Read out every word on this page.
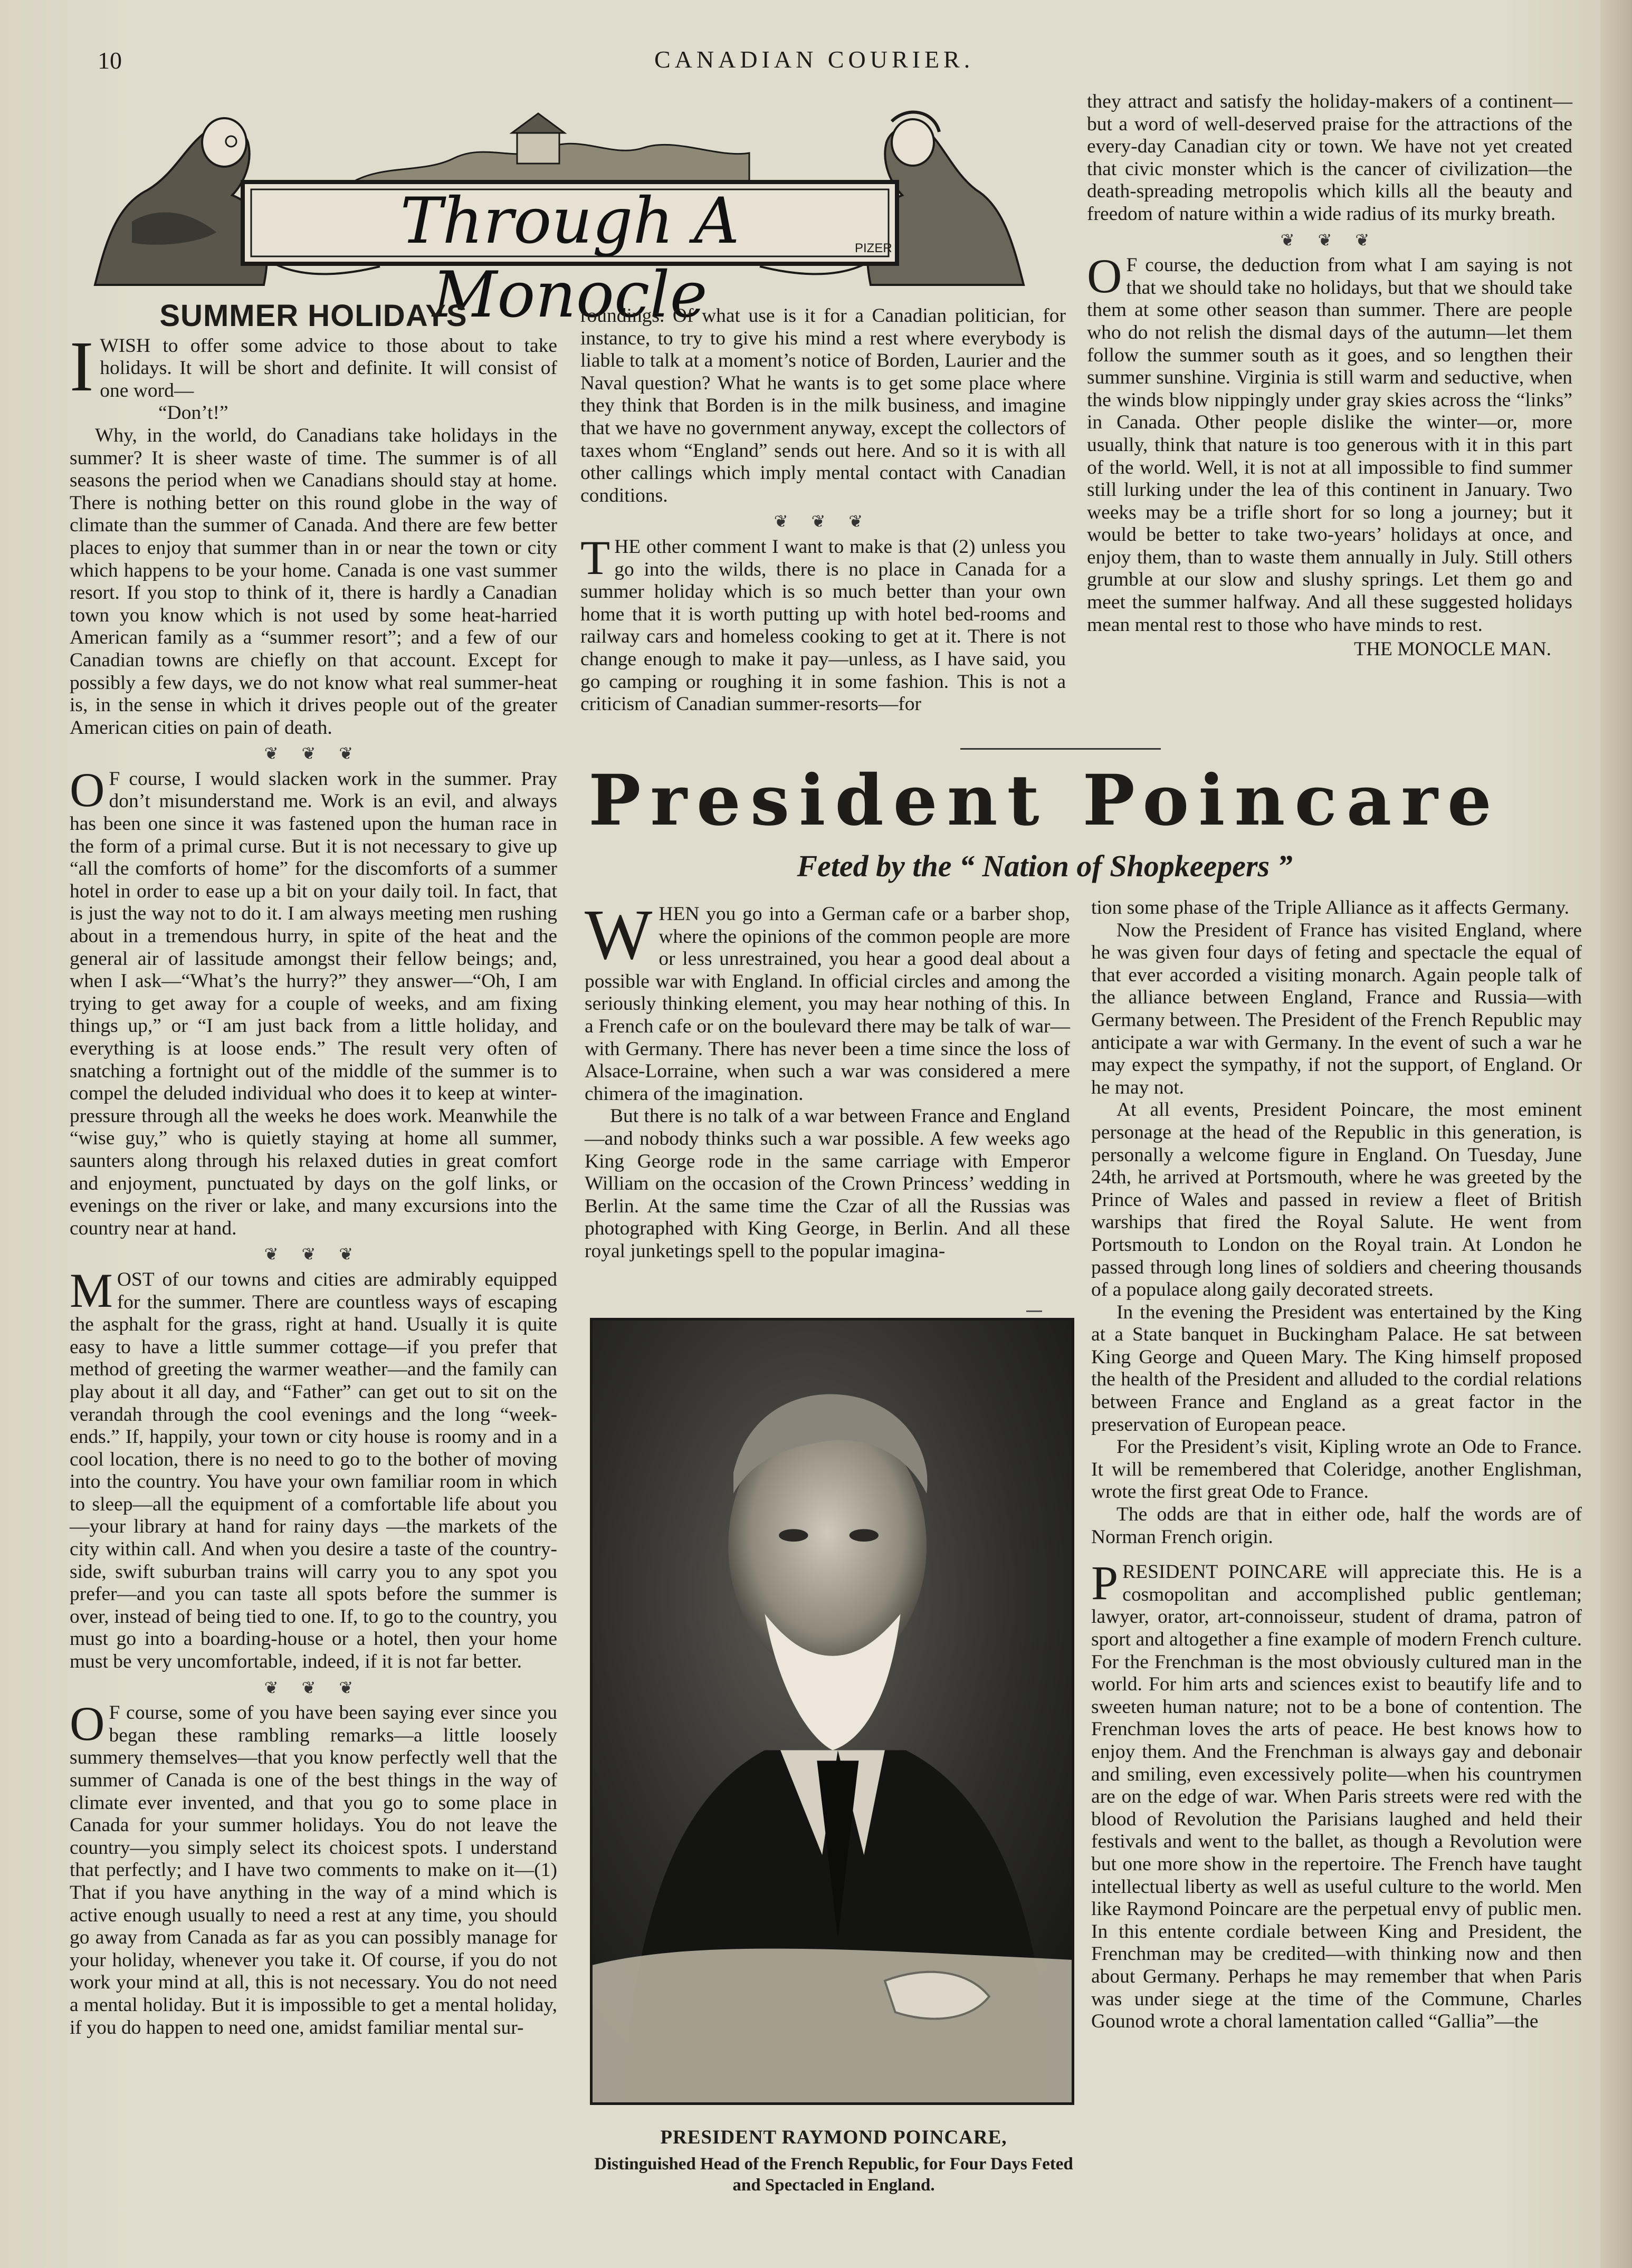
10	CANADIAN COURIER.
PIZER
Through A Monocle
SUMMER HOLIDAYS

IWISH to offer some advice to those about to take holidays. It will be short and definite. It will consist of one word—

“Don’t!”

Why, in the world, do Canadians take holidays in the summer? It is sheer waste of time. The summer is of all seasons the period when we Canadians should stay at home. There is nothing better on this round globe in the way of climate than the summer of Canada. And there are few better places to enjoy that summer than in or near the town or city which happens to be your home. Canada is one vast summer resort. If you stop to think of it, there is hardly a Canadian town you know which is not used by some heat-harried American family as a “summer resort”; and a few of our Canadian towns are chiefly on that account. Except for possibly a few days, we do not know what real summer-heat is, in the sense in which it drives people out of the greater American cities on pain of death.

❦ ❦ ❦

O F course, I would slacken work in the summer. Pray don’t misunderstand me. Work is an evil, and always has been one since it was fastened upon the human race in the form of a primal curse. But it is not necessary to give up “all the comforts of home” for the discomforts of a summer hotel in order to ease up a bit on your daily toil. In fact, that is just the way not to do it. I am always meeting men rushing about in a tremendous hurry, in spite of the heat and the general air of lassitude amongst their fellow beings; and, when I ask—“What’s the hurry?” they answer—“Oh, I am trying to get away for a couple of weeks, and am fixing things up,” or “I am just back from a little holiday, and everything is at loose ends.” The result very often of snatching a fortnight out of the middle of the summer is to compel the deluded individual who does it to keep at winter-pressure through all the weeks he does work. Meanwhile the “wise guy,” who is quietly staying at home all summer, saunters along through his relaxed duties in great comfort and enjoyment, punctuated by days on the golf links, or evenings on the river or lake, and many excursions into the country near at hand.

❦ ❦ ❦

MOST of our towns and cities are admirably equipped for the summer. There are countless ways of escaping the asphalt for the grass, right at hand. Usually it is quite easy to have a little summer cottage—if you prefer that method of greeting the warmer weather—and the family can play about it all day, and “Father” can get out to sit on the verandah through the cool evenings and the long “week-ends.” If, happily, your town or city house is roomy and in a cool location, there is no need to go to the bother of moving into the country. You have your own familiar room in which to sleep—all the equipment of a comfortable life about you—your library at hand for rainy days —the markets of the city within call. And when you desire a taste of the country-side, swift suburban trains will carry you to any spot you prefer—and you can taste all spots before the summer is over, instead of being tied to one. If, to go to the country, you must go into a boarding-house or a hotel, then your home must be very uncomfortable, indeed, if it is not far better.

❦ ❦ ❦

O F course, some of you have been saying ever since you began these rambling remarks—a little loosely summery themselves—that you know perfectly well that the summer of Canada is one of the best things in the way of climate ever invented, and that you go to some place in Canada for your summer holidays. You do not leave the country—you simply select its choicest spots. I understand that perfectly; and I have two comments to make on it—(1) That if you have anything in the way of a mind which is active enough usually to need a rest at any time, you should go away from Canada as far as you can possibly manage for your holiday, whenever you take it. Of course, if you do not work your mind at all, this is not necessary. You do not need a mental holiday. But it is impossible to get a mental holiday, if you do happen to need one, amidst familiar mental sur-

roundings. Of what use is it for a Canadian politician, for instance, to try to give his mind a rest where everybody is liable to talk at a moment’s notice of Borden, Laurier and the Naval question? What he wants is to get some place where they think that Borden is in the milk business, and imagine that we have no government anyway, except the collectors of taxes whom “England” sends out here. And so it is with all other callings which imply mental contact with Canadian conditions.

❦ ❦ ❦

THE other comment I want to make is that (2) unless you go into the wilds, there is no place in Canada for a summer holiday which is so much better than your own home that it is worth putting up with hotel bed-rooms and railway cars and homeless cooking to get at it. There is not change enough to make it pay—unless, as I have said, you go camping or roughing it in some fashion. This is not a criticism of Canadian summer-resorts—for

they attract and satisfy the holiday-makers of a continent—but a word of well-deserved praise for the attractions of the every-day Canadian city or town. We have not yet created that civic monster which is the cancer of civilization—the death-spreading metropolis which kills all the beauty and freedom of nature within a wide radius of its murky breath.

❦ ❦ ❦

O F course, the deduction from what I am saying is not that we should take no holidays, but that we should take them at some other season than summer. There are people who do not relish the dismal days of the autumn—let them follow the summer south as it goes, and so lengthen their summer sunshine. Virginia is still warm and seductive, when the winds blow nippingly under gray skies across the “links” in Canada. Other people dislike the winter—or, more usually, think that nature is too generous with it in this part of the world. Well, it is not at all impossible to find summer still lurking under the lea of this continent in January. Two weeks may be a trifle short for so long a journey; but it would be better to take two-years’ holidays at once, and enjoy them, than to waste them annually in July. Still others grumble at our slow and slushy springs. Let them go and meet the summer halfway. And all these suggested holidays mean mental rest to those who have minds to rest.

THE MONOCLE MAN.

President Poincare
Feted by the “ Nation of Shopkeepers ”

WHEN you go into a German cafe or a barber shop, where the opinions of the common people are more or less unrestrained, you hear a good deal about a possible war with England. In official circles and among the seriously thinking element, you may hear nothing of this. In a French cafe or on the boulevard there may be talk of war—with Germany. There has never been a time since the loss of Alsace-Lorraine, when such a war was considered a mere chimera of the imagination.

But there is no talk of a war between France and England—and nobody thinks such a war possible. A few weeks ago King George rode in the same carriage with Emperor William on the occasion of the Crown Princess’ wedding in Berlin. At the same time the Czar of all the Russias was photographed with King George, in Berlin. And all these royal junketings spell to the popular imagina-

PRESIDENT RAYMOND POINCARE,
Distinguished Head of the French Republic, for Four Days Feted and Spectacled in England.

tion some phase of the Triple Alliance as it affects Germany.

Now the President of France has visited England, where he was given four days of feting and spectacle the equal of that ever accorded a visiting monarch. Again people talk of the alliance between England, France and Russia—with Germany between. The President of the French Republic may anticipate a war with Germany. In the event of such a war he may expect the sympathy, if not the support, of England. Or he may not.

At all events, President Poincare, the most eminent personage at the head of the Republic in this generation, is personally a welcome figure in England. On Tuesday, June 24th, he arrived at Portsmouth, where he was greeted by the Prince of Wales and passed in review a fleet of British warships that fired the Royal Salute. He went from Portsmouth to London on the Royal train. At London he passed through long lines of soldiers and cheering thousands of a populace along gaily decorated streets.

In the evening the President was entertained by the King at a State banquet in Buckingham Palace. He sat between King George and Queen Mary. The King himself proposed the health of the President and alluded to the cordial relations between France and England as a great factor in the preservation of European peace.

For the President’s visit, Kipling wrote an Ode to France. It will be remembered that Coleridge, another Englishman, wrote the first great Ode to France.

The odds are that in either ode, half the words are of Norman French origin.

PRESIDENT POINCARE will appreciate this. He is a cosmopolitan and accomplished public gentleman; lawyer, orator, art-connoisseur, student of drama, patron of sport and altogether a fine example of modern French culture. For the Frenchman is the most obviously cultured man in the world. For him arts and sciences exist to beautify life and to sweeten human nature; not to be a bone of contention. The Frenchman loves the arts of peace. He best knows how to enjoy them. And the Frenchman is always gay and debonair and smiling, even excessively polite—when his countrymen are on the edge of war. When Paris streets were red with the blood of Revolution the Parisians laughed and held their festivals and went to the ballet, as though a Revolution were but one more show in the repertoire. The French have taught intellectual liberty as well as useful culture to the world. Men like Raymond Poincare are the perpetual envy of public men. In this entente cordiale between King and President, the Frenchman may be credited—with thinking now and then about Germany. Perhaps he may remember that when Paris was under siege at the time of the Commune, Charles Gounod wrote a choral lamentation called “Gallia”—the
